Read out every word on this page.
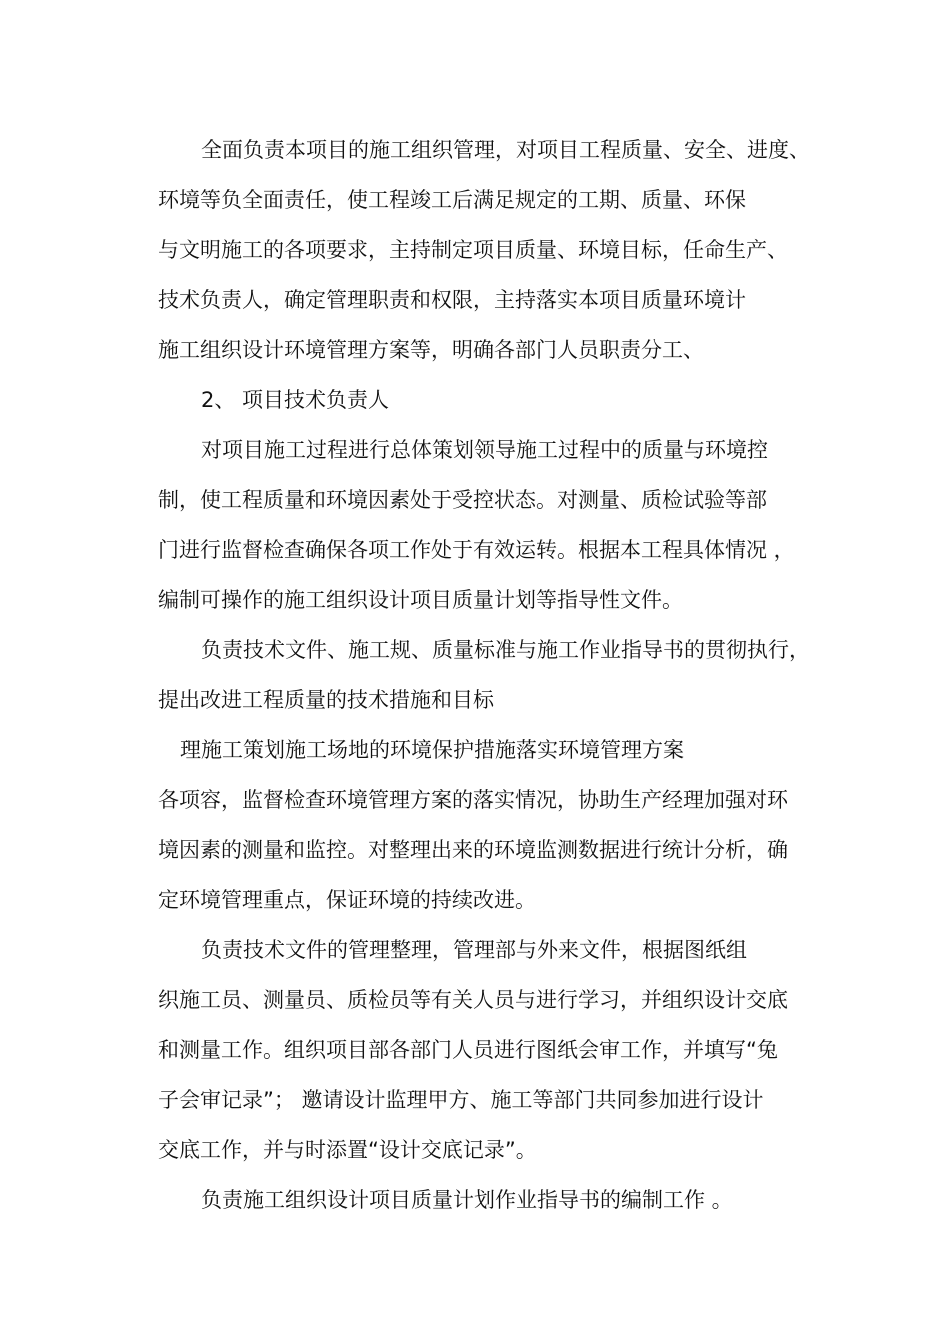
全面负责本项目的施工组织管理，对项目工程质量、安全、进度、
环境等负全面责任，使工程竣工后满足规定的工期、质量、环保
与文明施工的各项要求，主持制定项目质量、环境目标，任命生产、
技术负责人，确定管理职责和权限，主持落实本项目质量环境计
施工组织设计环境管理方案等，明确各部门人员职责分工、
2、 项目技术负责人
对项目施工过程进行总体策划领导施工过程中的质量与环境控
制，使工程质量和环境因素处于受控状态。对测量、质检试验等部
门进行监督检查确保各项工作处于有效运转。根据本工程具体情况 ，
编制可操作的施工组织设计项目质量计划等指导性文件。
负责技术文件、施工规、质量标准与施工作业指导书的贯彻执行，
提出改进工程质量的技术措施和目标
理施工策划施工场地的环境保护措施落实环境管理方案
各项容，监督检查环境管理方案的落实情况，协助生产经理加强对环
境因素的测量和监控。对整理出来的环境监测数据进行统计分析，确
定环境管理重点，保证环境的持续改进。
负责技术文件的管理整理，管理部与外来文件，根据图纸组
织施工员、测量员、质检员等有关人员与进行学习，并组织设计交底
和测量工作。组织项目部各部门人员进行图纸会审工作，并填写“兔
子会审记录”； 邀请设计监理甲方、施工等部门共同参加进行设计
交底工作，并与时添置“设计交底记录”。
负责施工组织设计项目质量计划作业指导书的编制工作 。
